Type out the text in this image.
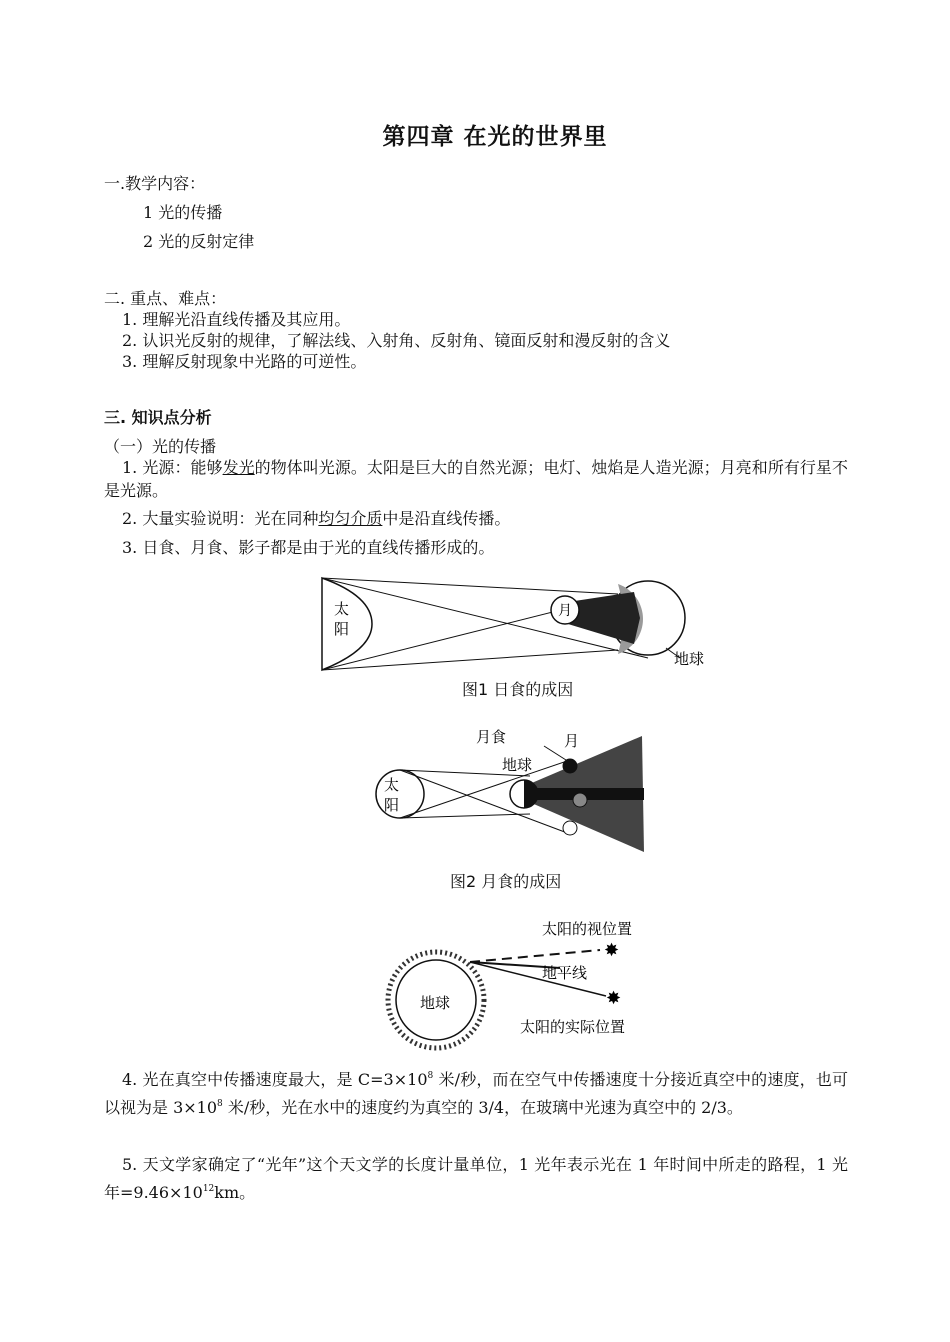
第四章 在光的世界里
一.教学内容：
1 光的传播
2 光的反射定律
二. 重点、难点：
1. 理解光沿直线传播及其应用。
2. 认识光反射的规律，了解法线、入射角、反射角、镜面反射和漫反射的含义
3. 理解反射现象中光路的可逆性。
三. 知识点分析
（一）光的传播
1. 光源：能够发光的物体叫光源。太阳是巨大的自然光源；电灯、烛焰是人造光源；月亮和所有行星不是光源。
2. 大量实验说明：光在同种均匀介质中是沿直线传播。
3. 日食、月食、影子都是由于光的直线传播形成的。
太
阳
月
地球
图1 日食的成因
太
阳
月食	月
地球
图2 月食的成因
✸
✸
地球
太阳的视位置
地平线
太阳的实际位置
4. 光在真空中传播速度最大，是 $C=3\times 10^8$ 米/秒，而在空气中传播速度十分接近真空中的速度，也可以视为是 $3\times 10^8$ 米/秒，光在水中的速度约为真空的 3/4，在玻璃中光速为真空中的 2/3。
5. 天文学家确定了“光年”这个天文学的长度计量单位，1 光年表示光在 1 年时间中所走的路程，1 光年$=9.46\times 10^{12}km$。
